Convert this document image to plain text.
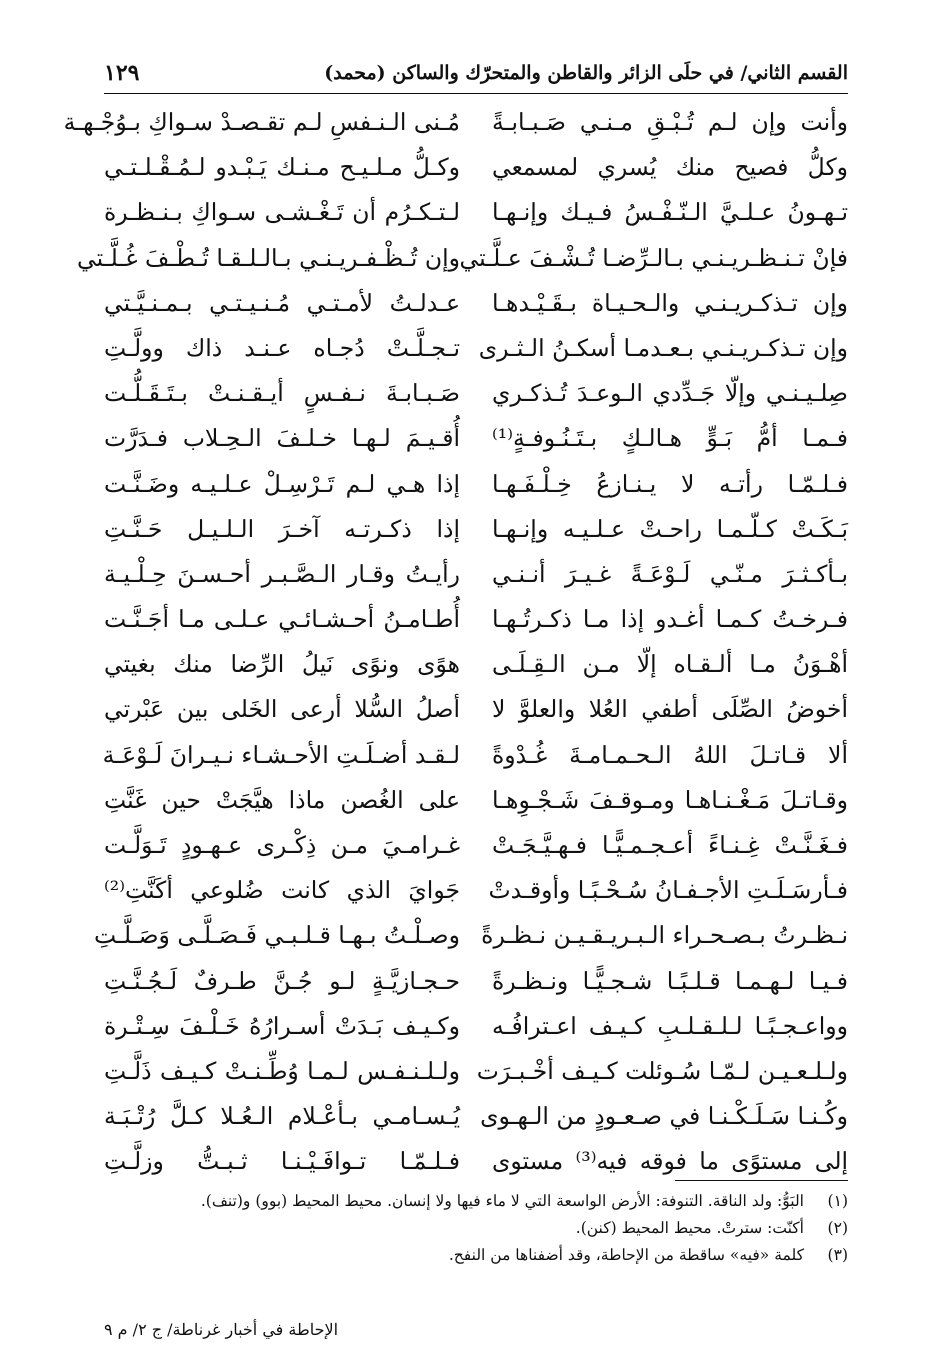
القسم الثاني/ في حلَى الزائر والقاطن والمتحرّك والساكن (محمد)
١٢٩
وأنت وإن لـم تُـبْـقِ مـنـي صَـبـابـةً
وكلُّ فصيح منك يُسري لمسمعي
تـهـونُ عـلـيَّ الـنّـفْـسُ فـيـك وإنـهـا
فإنْ تـنـظـريـنـي بـالـرِّضـا تُـشْـفَ عـلَّـتي
وإن تـذكـريـنـي والـحـيـاة بـقَـيْـدهـا
وإن تـذكـريـنـي بـعـدمـا أسكـنُ الـثـرى
صِلـيـنـي وإلّا جَـدِّدي الـوعـدَ تُـذكـري
فـمـا أمُّ بَـوٍّ هـالـكٍ بـتَـنُـوفـةٍ⁽¹⁾
فـلـمّـا رأتـه لا يـنـازعُ خِـلْـفَـهـا
بَـكَـتْ كـلّـمـا راحـتْ عـلـيـه وإنـهـا
بـأكـثـرَ مـنّـي لَـوْعَـةً غـيـرَ أنـنـي
فـرخـتُ كـمـا أغـدو إذا مـا ذكـرتُـهـا
أهْـوَنُ مـا ألـقـاه إلّا مـن الـقِـلَـى
أخوضُ الصِّلَى أطفي العُلا والعلوَّ لا
ألا قـاتـلَ اللهُ الـحـمـامـةَ غُـدْوةً
وقـاتـلَ مَـغْـنـاهـا ومـوقـفَ شَـجْـوِهـا
فـغَـنَّـتْ غِـنـاءً أعـجـمـيًّـا فـهـيَّـجَـتْ
فـأرسَـلَـتِ الأجـفـانُ سُـحْـبًـا وأوقـدتْ
نـظـرتُ بـصـحـراء الـبـريـقـيـن نـظـرةً
فـيـا لـهـمـا قـلـبًـا شـجـيًّـا ونـظـرةً
وواعـجـبًـا لـلـقـلـبِ كـيـف اعـترافُـه
ولـلـعـيـن لـمّـا سُـوئلت كـيـف أخْـبـرَت
وكُـنـا سَـلَـكْـنـا في صـعـودٍ من الـهـوى
إلى مستوًى ما فوقه فيه⁽³⁾ مستوى
مُـنى الـنـفسِ لـم تقـصـدْ سـواكِ بـوُجْـهـة
وكـلُّ مـلـيـح مـنـك يَـبْـدو لـمُـقْـلـتـي
لـتـكـرُم أن تَـغْـشـى سـواكِ بـنـظـرة
وإن تُـظْـفـريـنـي بـالـلـقـا تُـطْـفَ غُـلَّـتي
عـدلـتُ لأمـتـي مُـنـيـتـي بـمـنـيَّـتي
تـجـلَّـتْ دُجـاه عـنـد ذاك وولَّـتِ
صَـبـابـةَ نـفـسٍ أيـقـنـتْ بـتَـقَـلُّـت
أُقـيـمَ لـهـا خـلـفَ الـحِـلاب فـدَرَّت
إذا هـي لـم تَـرْسِـلْ عـلـيـه وضَـنَّـت
إذا ذكـرتـه آخـرَ الـلـيـل حَـنَّـتِ
رأيـتُ وقـار الـصَّـبـر أحـسـنَ حِـلْـيـة
أُطـامـنُ أحـشـائـي عـلـى مـا أجَـنَّـت
هوًى ونوًى نَيلُ الرِّضا منك بغيتي
أصلُ السُّلا أرعى الخَلى بين عَبْرتي
لـقـد أضـلَـتِ الأحـشـاء نـيـرانَ لَـوْعَـة
على الغُصن ماذا هيَّجَتْ حين غَنَّتِ
غـرامـيَ مـن ذِكْـرى عـهـودٍ تَـوَلَّـت
جَوايَ الذي كانت ضُلوعي أكَنَّتِ⁽²⁾
وصـلْـتُ بـهـا قـلـبـي فَـصَـلَّـى وَصَـلَّـتِ
حـجـازيَّـةٍ لـو جُـنَّ طـرفٌ لَـجُـنَّـتِ
وكـيـف بَـدَتْ أسـرارُهُ خَـلْـفَ سِـتْـرة
ولـلـنـفـس لـمـا وُطِّـنـتْ كـيـف ذَلَّـتِ
يُـسـامـي بـأعْـلام الـعُـلا كـلَّ رُتْـبَـة
فـلـمّـا تـوافَـيْـنـا ثـبـتُّ وزلَّـتِ
(١)
البَوُّ: ولد الناقة. التنوفة: الأرض الواسعة التي لا ماء فيها ولا إنسان. محيط المحيط (بوو) و(تنف).
(٢)
أكنّت: سترتْ. محيط المحيط (كنن).
(٣)
كلمة «فيه» ساقطة من الإحاطة، وقد أضفناها من النفح.
الإحاطة في أخبار غرناطة/ ج ٢/ م ٩
